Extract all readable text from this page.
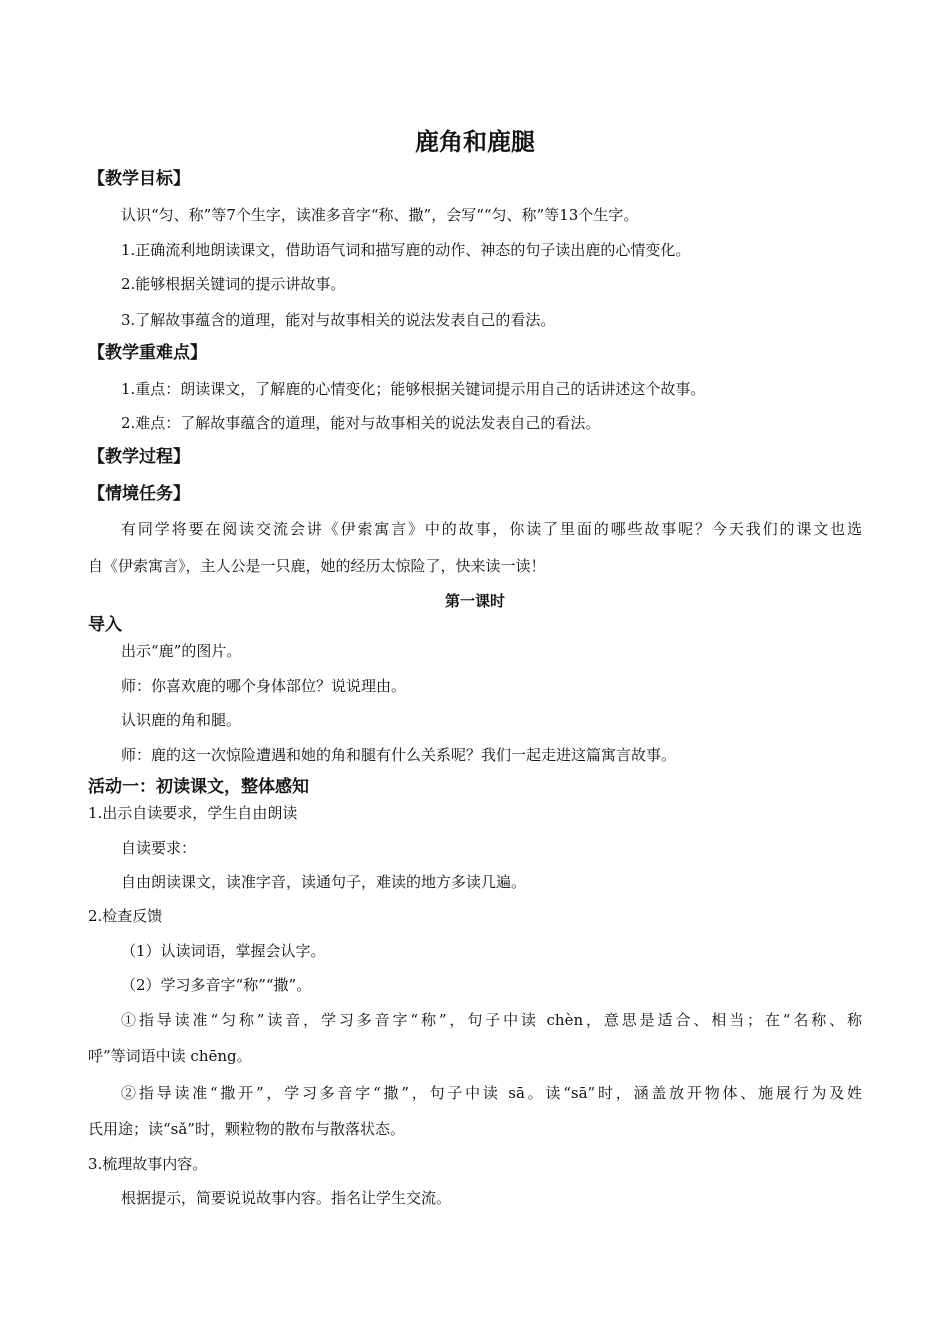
鹿角和鹿腿
【教学目标】
认识“匀、称”等7个生字，读准多音字“称、撒”，会写““匀、称”等13个生字。
1.正确流利地朗读课文，借助语气词和描写鹿的动作、神态的句子读出鹿的心情变化。
2.能够根据关键词的提示讲故事。
3.了解故事蕴含的道理，能对与故事相关的说法发表自己的看法。
【教学重难点】
1.重点：朗读课文，了解鹿的心情变化；能够根据关键词提示用自己的话讲述这个故事。
2.难点：了解故事蕴含的道理，能对与故事相关的说法发表自己的看法。
【教学过程】
【情境任务】
有同学将要在阅读交流会讲《伊索寓言》中的故事，你读了里面的哪些故事呢？今天我们的课文也选
自《伊索寓言》，主人公是一只鹿，她的经历太惊险了，快来读一读！
第一课时
导入
出示“鹿”的图片。
师：你喜欢鹿的哪个身体部位？说说理由。
认识鹿的角和腿。
师：鹿的这一次惊险遭遇和她的角和腿有什么关系呢？我们一起走进这篇寓言故事。
活动一：初读课文，整体感知
1.出示自读要求，学生自由朗读
自读要求：
自由朗读课文，读准字音，读通句子，难读的地方多读几遍。
2.检查反馈
（1）认读词语，掌握会认字。
（2）学习多音字“称”“撒”。
①指导读准“匀称”读音，学习多音字“称”，句子中读 chèn，意思是适合、相当；在“名称、称
呼”等词语中读 chēng。
②指导读准“撒开”，学习多音字“撒”，句子中读 sā。读“sā”时，涵盖放开物体、施展行为及姓
氏用途；读“sǎ”时，颗粒物的散布与散落状态。
3.梳理故事内容。
根据提示，简要说说故事内容。指名让学生交流。
